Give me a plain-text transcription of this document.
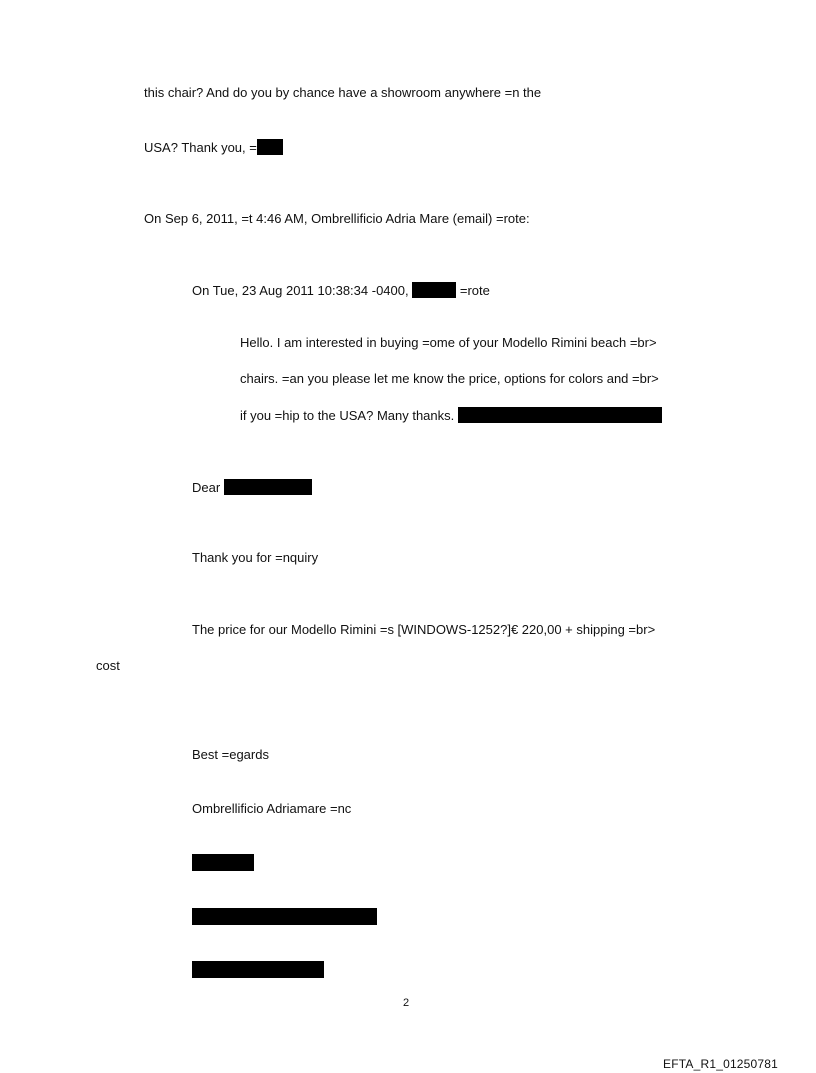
this chair? And do you by chance have a showroom anywhere =n the
USA? Thank you, =
On Sep 6, 2011, =t 4:46 AM, Ombrellificio Adria Mare (email) =rote:
On Tue, 23 Aug 2011 10:38:34 -0400,	=rote
Hello. I am interested in buying =ome of your Modello Rimini beach =br>
chairs. =an you please let me know the price, options for colors and =br>
if you =hip to the USA? Many thanks.
Dear
Thank you for =nquiry
The price for our Modello Rimini =s [WINDOWS-1252?]€ 220,00 + shipping =br>
cost
Best =egards
Ombrellificio Adriamare =nc
2
EFTA_R1_01250781
